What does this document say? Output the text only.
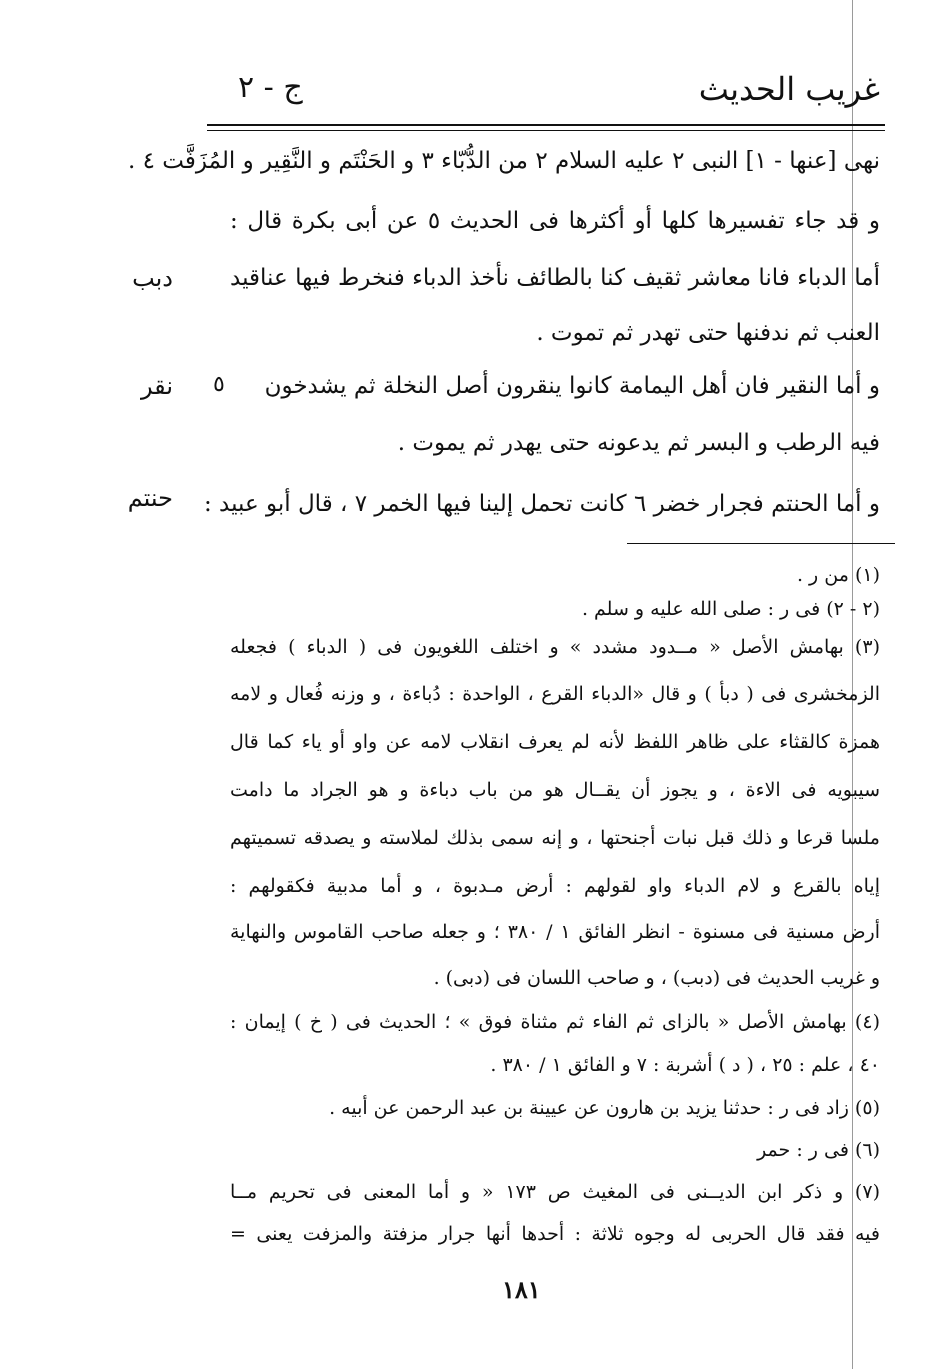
غريب الحديث
ج - ٢
نهى [عنها - ١] النبى ٢ عليه السلام ٢ من الدُّبّاء ٣ و الحَنْتَم و النَّقِير و المُزَفَّت ٤ .
و قد جاء تفسيرها كلها أو أكثرها فى الحديث ٥ عن أبى بكرة قال :
أما الدباء فانا معاشر ثقيف كنا بالطائف نأخذ الدباء فنخرط فيها عناقيد
العنب ثم ندفنها حتى تهدر ثم تموت .
و أما النقير فان أهل اليمامة كانوا ينقرون أصل النخلة ثم يشدخون
فيه الرطب و البسر ثم يدعونه حتى يهدر ثم يموت .
و أما الحنتم فجرار خضر ٦ كانت تحمل إلينا فيها الخمر ٧ ، قال أبو عبيد :
دبب
نقر
حنتم
٥
(١) من ر .
(٢ - ٢) فى ر : صلى الله عليه و سلم .
(٣) بهامش الأصل « مــدود مشدد » و اختلف اللغويون فى ( الدباء ) فجعله
الزمخشرى فى ( دبأ ) و قال «الدباء القرع ، الواحدة : دُباءة ، و وزنه فُعال و لامه
همزة كالقثاء على ظاهر اللفظ لأنه لم يعرف انقلاب لامه عن واو أو ياء كما قال
سيبويه فى الاءة ، و يجوز أن يقــال هو من باب دباءة و هو الجراد ما دامت
ملسا قرعا و ذلك قبل نبات أجنحتها ، و إنه سمى بذلك لملاسته و يصدقه تسميتهم
إياه بالقرع و لام الدباء واو لقولهم : أرض مـدبوة ، و أما مدبية فكقولهم :
أرض مسنية فى مسنوة - انظر الفائق ١ / ٣٨٠ ؛ و جعله صاحب القاموس والنهاية
و غريب الحديث فى (دبب) ، و صاحب اللسان فى (دبى) .
(٤) بهامش الأصل « بالزاى ثم الفاء ثم مثناة فوق » ؛ الحديث فى ( خ ) إيمان :
٤٠ ، علم : ٢٥ ، ( د ) أشربة : ٧ و الفائق ١ / ٣٨٠ .
(٥) زاد فى ر : حدثنا يزيد بن هارون عن عيينة بن عبد الرحمن عن أبيه .
(٦) فى ر : حمر
(٧) و ذكر ابن الديــنى فى المغيث ص ١٧٣ « و أما المعنى فى تحريم مــا
فيه فقد قال الحربى له وجوه ثلاثة : أحدها أنها جرار مزفتة والمزفت يعنى =
١٨١
